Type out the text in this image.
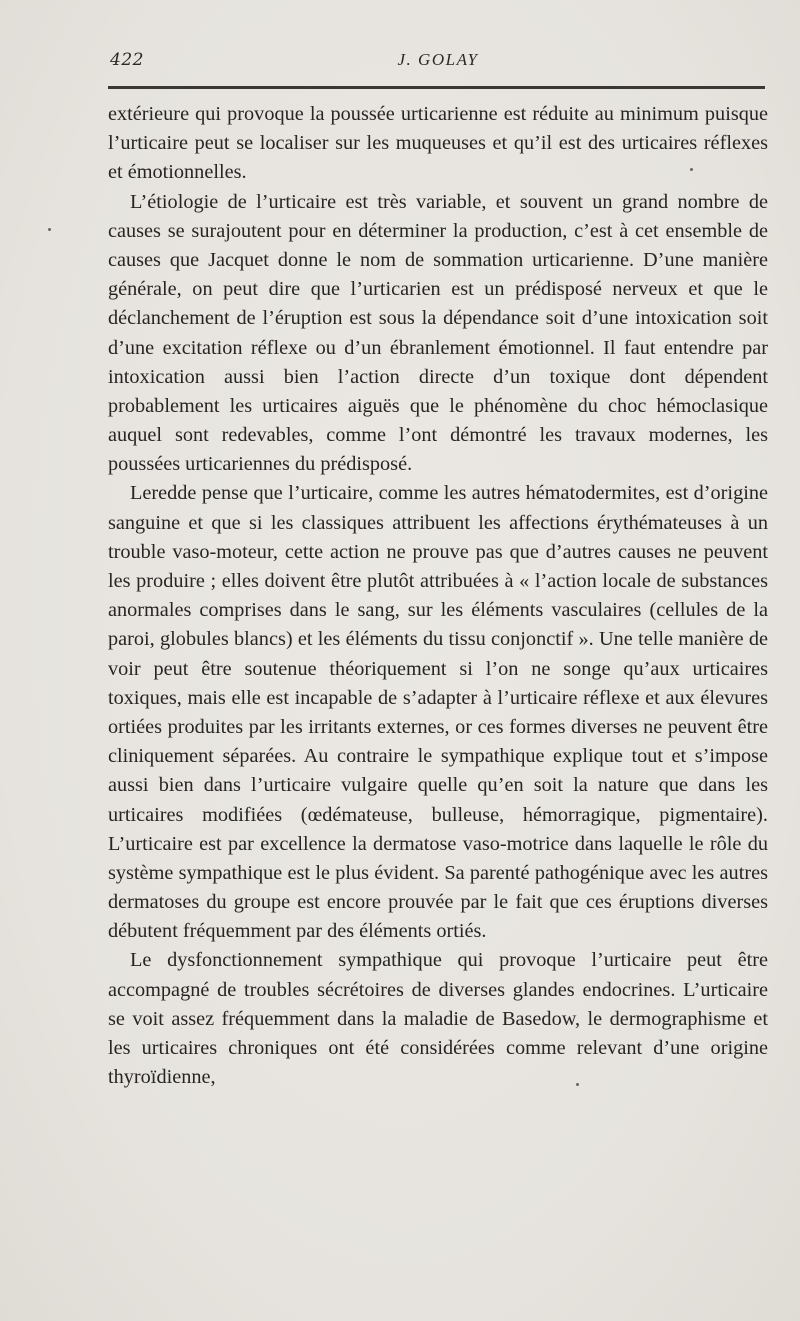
422	J. GOLAY

extérieure qui provoque la poussée urticarienne est réduite au minimum puisque l’urticaire peut se localiser sur les muqueuses et qu’il est des urticaires réflexes et émotionnelles.

L’étiologie de l’urticaire est très variable, et souvent un grand nombre de causes se surajoutent pour en déterminer la production, c’est à cet ensemble de causes que Jacquet donne le nom de sommation urticarienne. D’une manière générale, on peut dire que l’urticarien est un prédisposé nerveux et que le déclanchement de l’éruption est sous la dépendance soit d’une intoxication soit d’une excitation réflexe ou d’un ébranlement émotionnel. Il faut entendre par intoxication aussi bien l’action directe d’un toxique dont dépendent probablement les urticaires aiguës que le phénomène du choc hémoclasique auquel sont redevables, comme l’ont démontré les travaux modernes, les poussées urticariennes du prédisposé.

Leredde pense que l’urticaire, comme les autres hématodermites, est d’origine sanguine et que si les classiques attribuent les affections érythémateuses à un trouble vaso-moteur, cette action ne prouve pas que d’autres causes ne peuvent les produire ; elles doivent être plutôt attribuées à « l’action locale de substances anormales comprises dans le sang, sur les éléments vasculaires (cellules de la paroi, globules blancs) et les éléments du tissu conjonctif ». Une telle manière de voir peut être soutenue théoriquement si l’on ne songe qu’aux urticaires toxiques, mais elle est incapable de s’adapter à l’urticaire réflexe et aux élevures ortiées produites par les irritants externes, or ces formes diverses ne peuvent être cliniquement séparées. Au contraire le sympathique explique tout et s’impose aussi bien dans l’urticaire vulgaire quelle qu’en soit la nature que dans les urticaires modifiées (œdémateuse, bulleuse, hémorragique, pigmentaire). L’urticaire est par excellence la dermatose vaso-motrice dans laquelle le rôle du système sympathique est le plus évident. Sa parenté pathogénique avec les autres dermatoses du groupe est encore prouvée par le fait que ces éruptions diverses débutent fréquemment par des éléments ortiés.

Le dysfonctionnement sympathique qui provoque l’urticaire peut être accompagné de troubles sécrétoires de diverses glandes endocrines. L’urticaire se voit assez fréquemment dans la maladie de Basedow, le dermographisme et les urticaires chroniques ont été considérées comme relevant d’une origine thyroïdienne,
